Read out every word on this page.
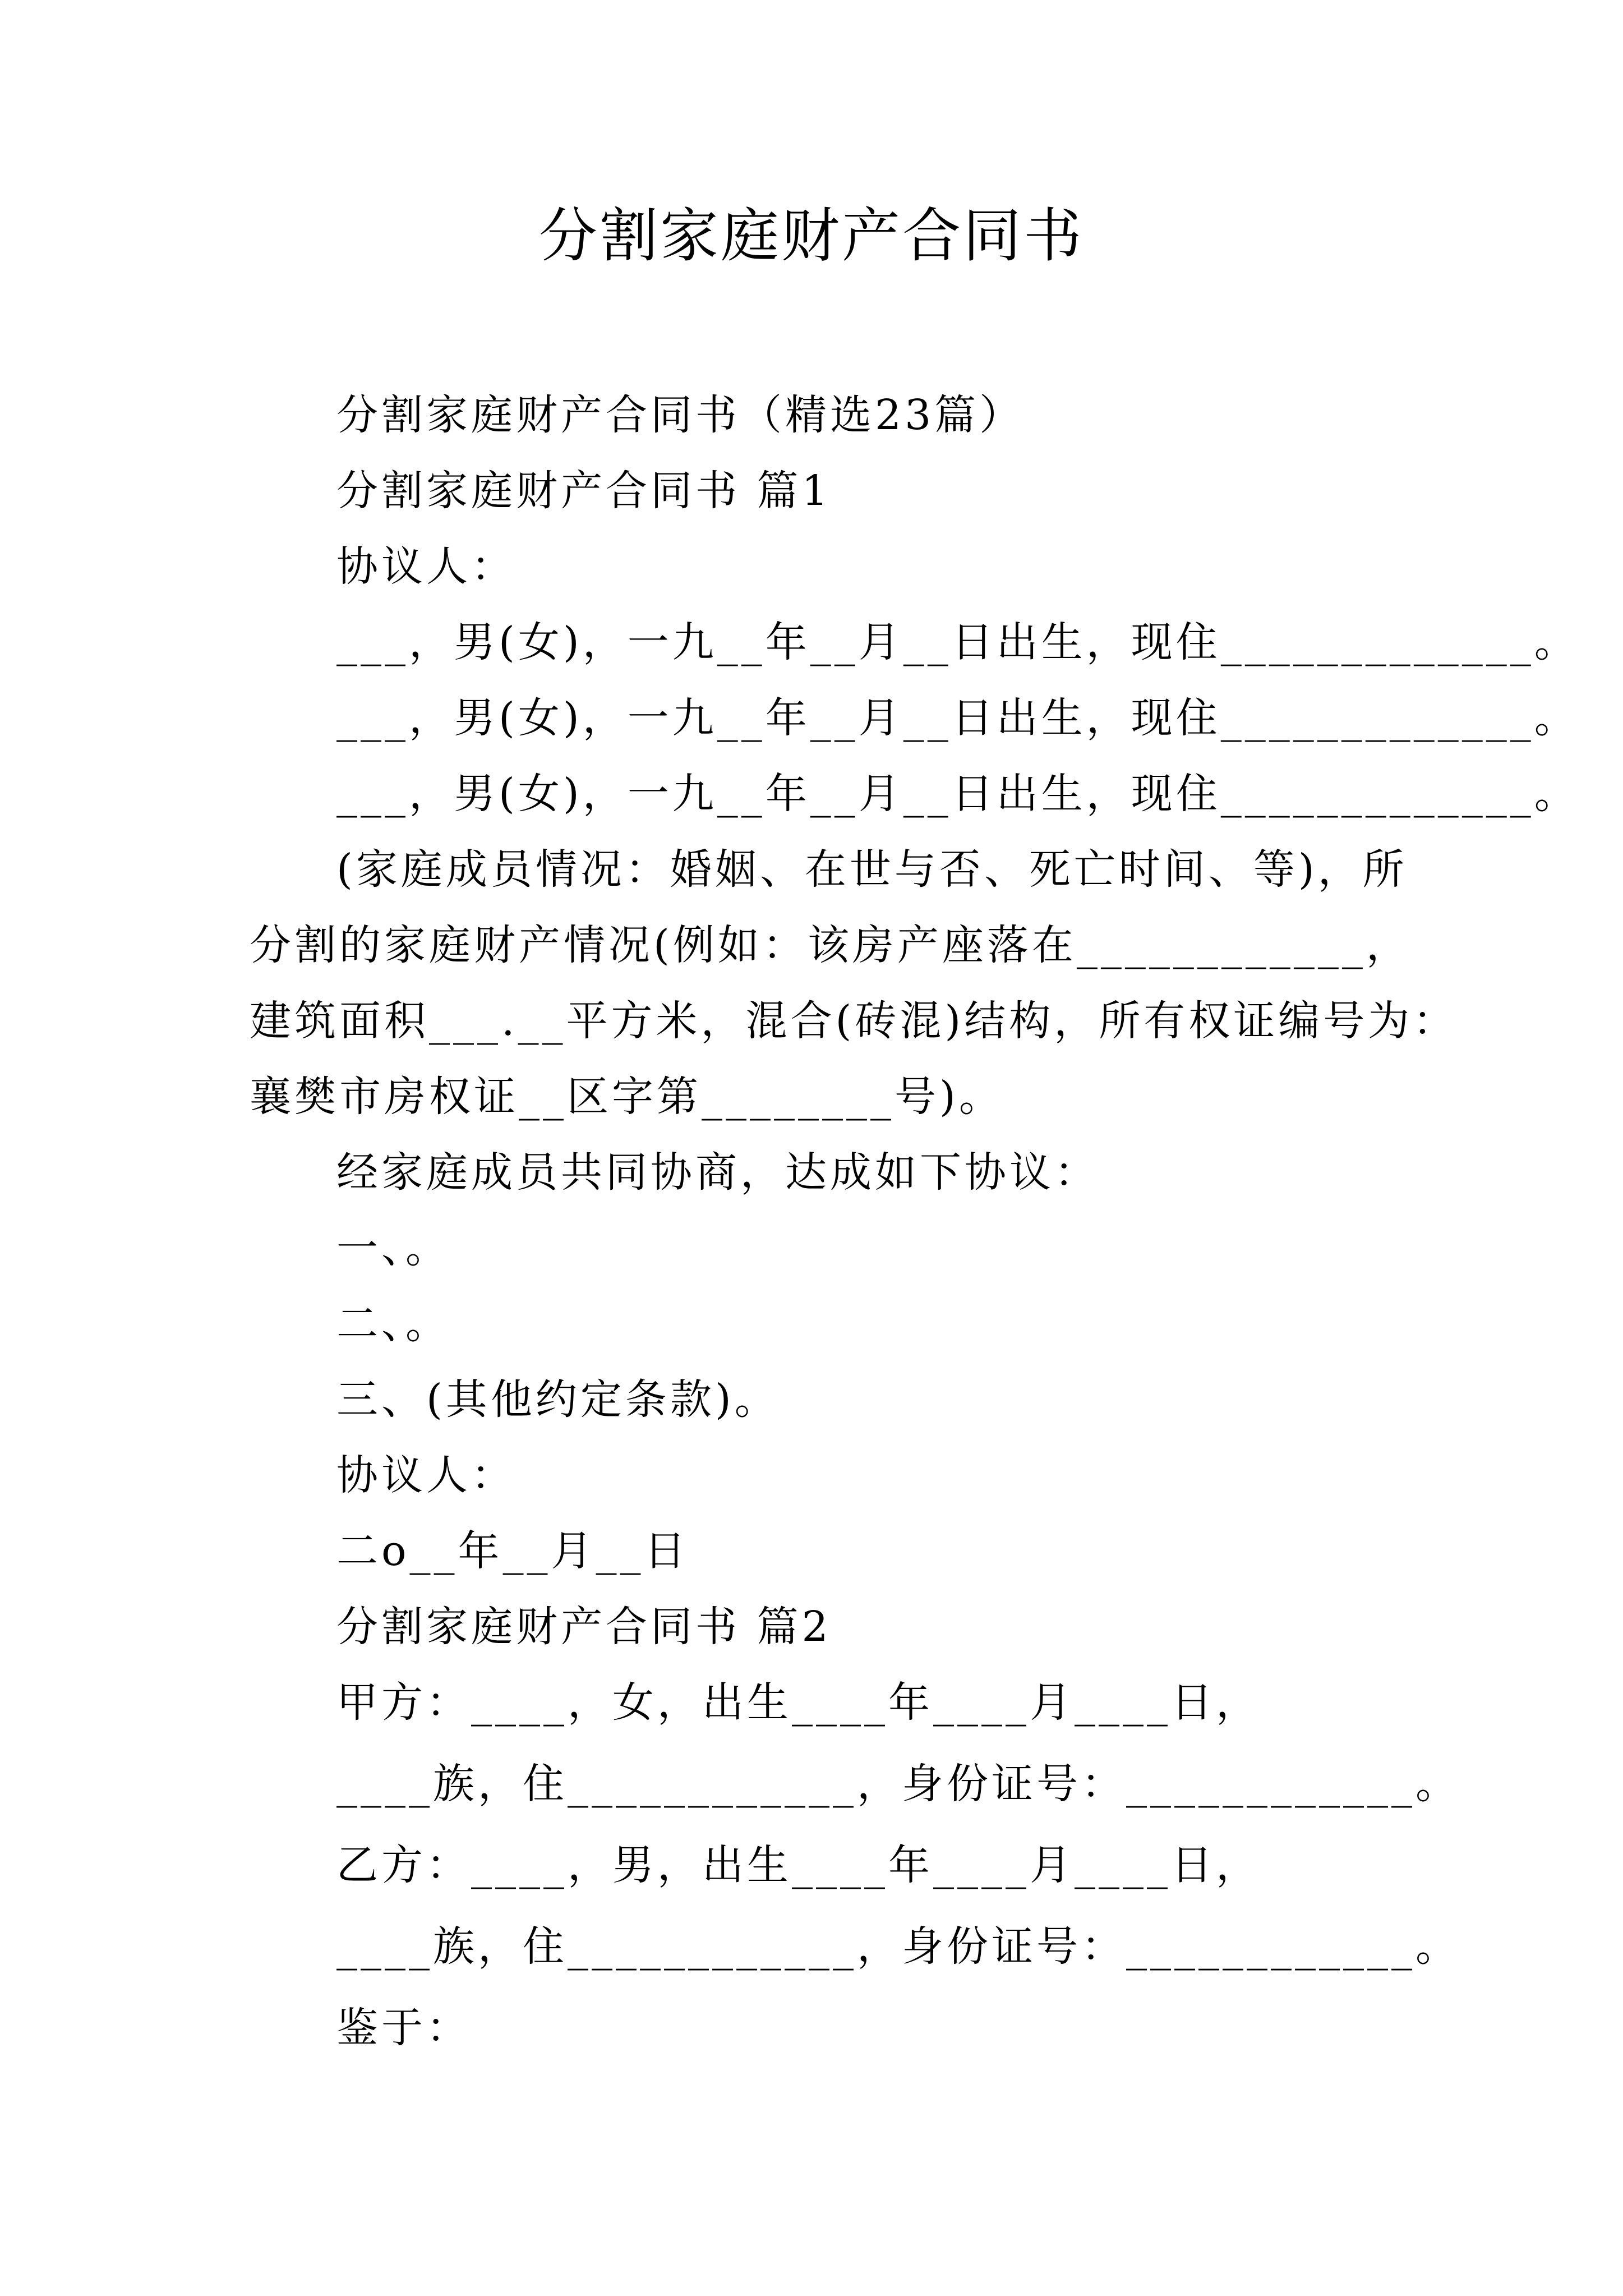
分割家庭财产合同书
分割家庭财产合同书（精选23篇）
分割家庭财产合同书 篇1
协议人：
___，男(女)，一九__年__月__日出生，现住_____________。
___，男(女)，一九__年__月__日出生，现住_____________。
___，男(女)，一九__年__月__日出生，现住_____________。
(家庭成员情况：婚姻、在世与否、死亡时间、等)，所
分割的家庭财产情况(例如：该房产座落在____________，
建筑面积___.__平方米，混合(砖混)结构，所有权证编号为：
襄樊市房权证__区字第________号)。
经家庭成员共同协商，达成如下协议：
一、。
二、。
三、(其他约定条款)。
协议人：
二o__年__月__日
分割家庭财产合同书 篇2
甲方：____，女，出生____年____月____日，
____族，住____________，身份证号：____________。
乙方：____，男，出生____年____月____日，
____族，住____________，身份证号：____________。
鉴于：
